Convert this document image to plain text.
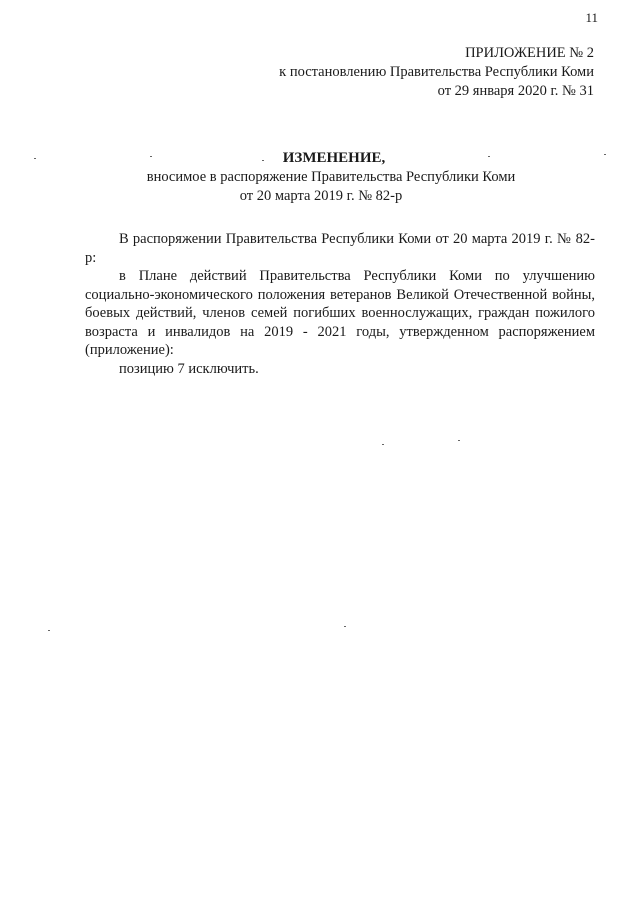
11
ПРИЛОЖЕНИЕ № 2
к постановлению Правительства Республики Коми
от 29 января 2020 г. № 31
ИЗМЕНЕНИЕ,
вносимое в распоряжение Правительства Республики Коми
от 20 марта 2019 г. № 82-р

В распоряжении Правительства Республики Коми от 20 марта 2019 г. № 82-р:

в Плане действий Правительства Республики Коми по улучшению социально-экономического положения ветеранов Великой Отечественной войны, боевых действий, членов семей погибших военнослужащих, граждан пожилого возраста и инвалидов на 2019 - 2021 годы, утвержденном распоряжением (приложение):

позицию 7 исключить.
